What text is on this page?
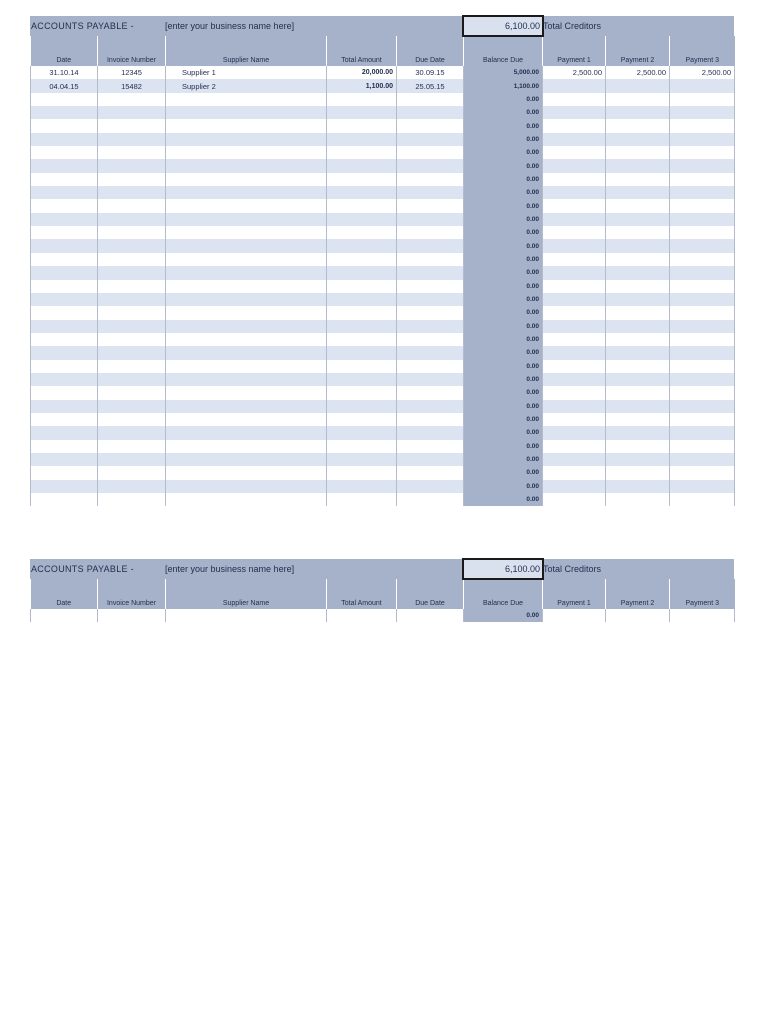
ACCOUNTS PAYABLE -	[enter your business name here]	6,100.00 Total Creditors
Date	Invoice Number	Supplier Name	Total Amount	Due Date	Balance Due	Payment 1	Payment 2	Payment 3
31.10.14	12345	Supplier 1	20,000.00	30.09.15	5,000.00	2,500.00	2,500.00	2,500.00
04.04.15	15482	Supplier 2	1,100.00	25.05.15	1,100.00			
					0.00			
					0.00			
					0.00			
					0.00			
					0.00			
					0.00			
					0.00			
					0.00			
					0.00			
					0.00			
					0.00			
					0.00			
					0.00			
					0.00			
					0.00			
					0.00			
					0.00			
					0.00			
					0.00			
					0.00			
					0.00			
					0.00			
					0.00			
					0.00			
					0.00			
					0.00			
					0.00			
					0.00			
					0.00			
					0.00			
					0.00			
ACCOUNTS PAYABLE -	[enter your business name here]	6,100.00 Total Creditors
Date	Invoice Number	Supplier Name	Total Amount	Due Date	Balance Due	Payment 1	Payment 2	Payment 3
					0.00			
